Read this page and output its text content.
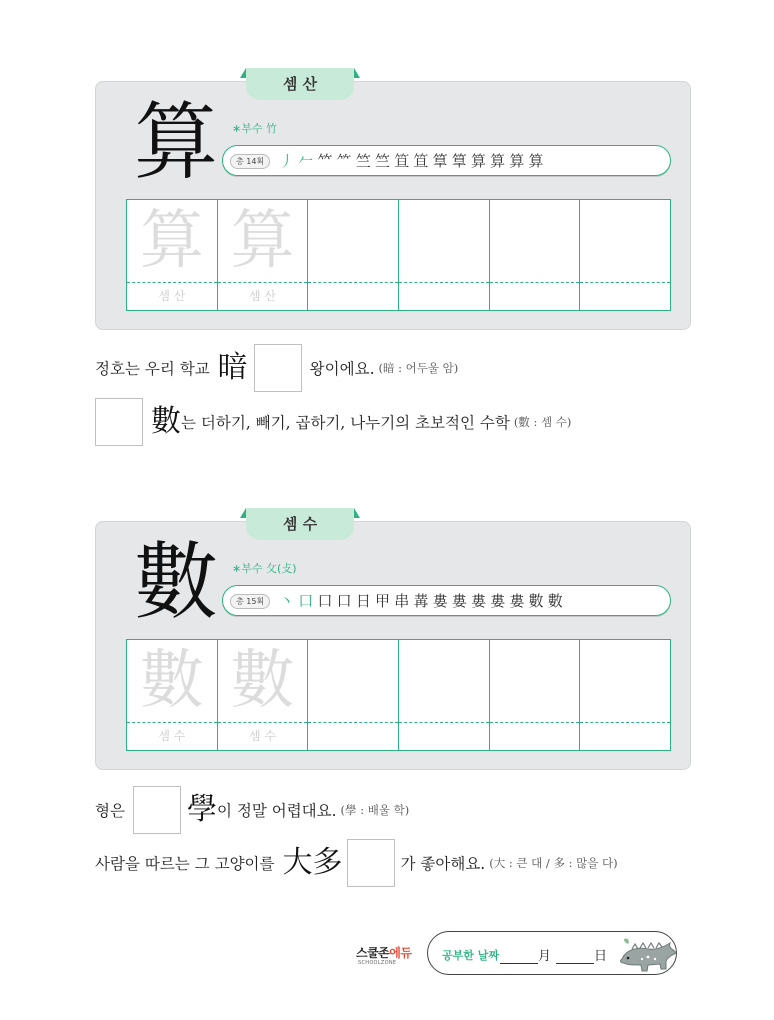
셈 산
算 ∗부수 竹
총 14획 丿 𠂉 𥫗 ⺮ 竺 竺 笪 笪 筸 筸 算 算 算 算
算
셈 산
算
셈 산
정호는 우리 학교 暗	왕이에요. (暗 : 어두울 암)
數 는 더하기, 빼기, 곱하기, 나누기의 초보적인 수학 (數 : 셈 수)
셈 수
數 ∗부수 攵(攴)
총 15획 丶 口 口 口 日 甲 串 冓 婁 婁 婁 婁 婁 數 數
數
셈 수
數
셈 수
형은 學 이 정말 어렵대요. (學 : 배울 학)
사람을 따르는 그 고양이를 大多	가 좋아해요. (大 : 큰 대 / 多 : 많을 다)
스쿨존에듀
SCHOOLZONE
공부한 날짜	月	日
